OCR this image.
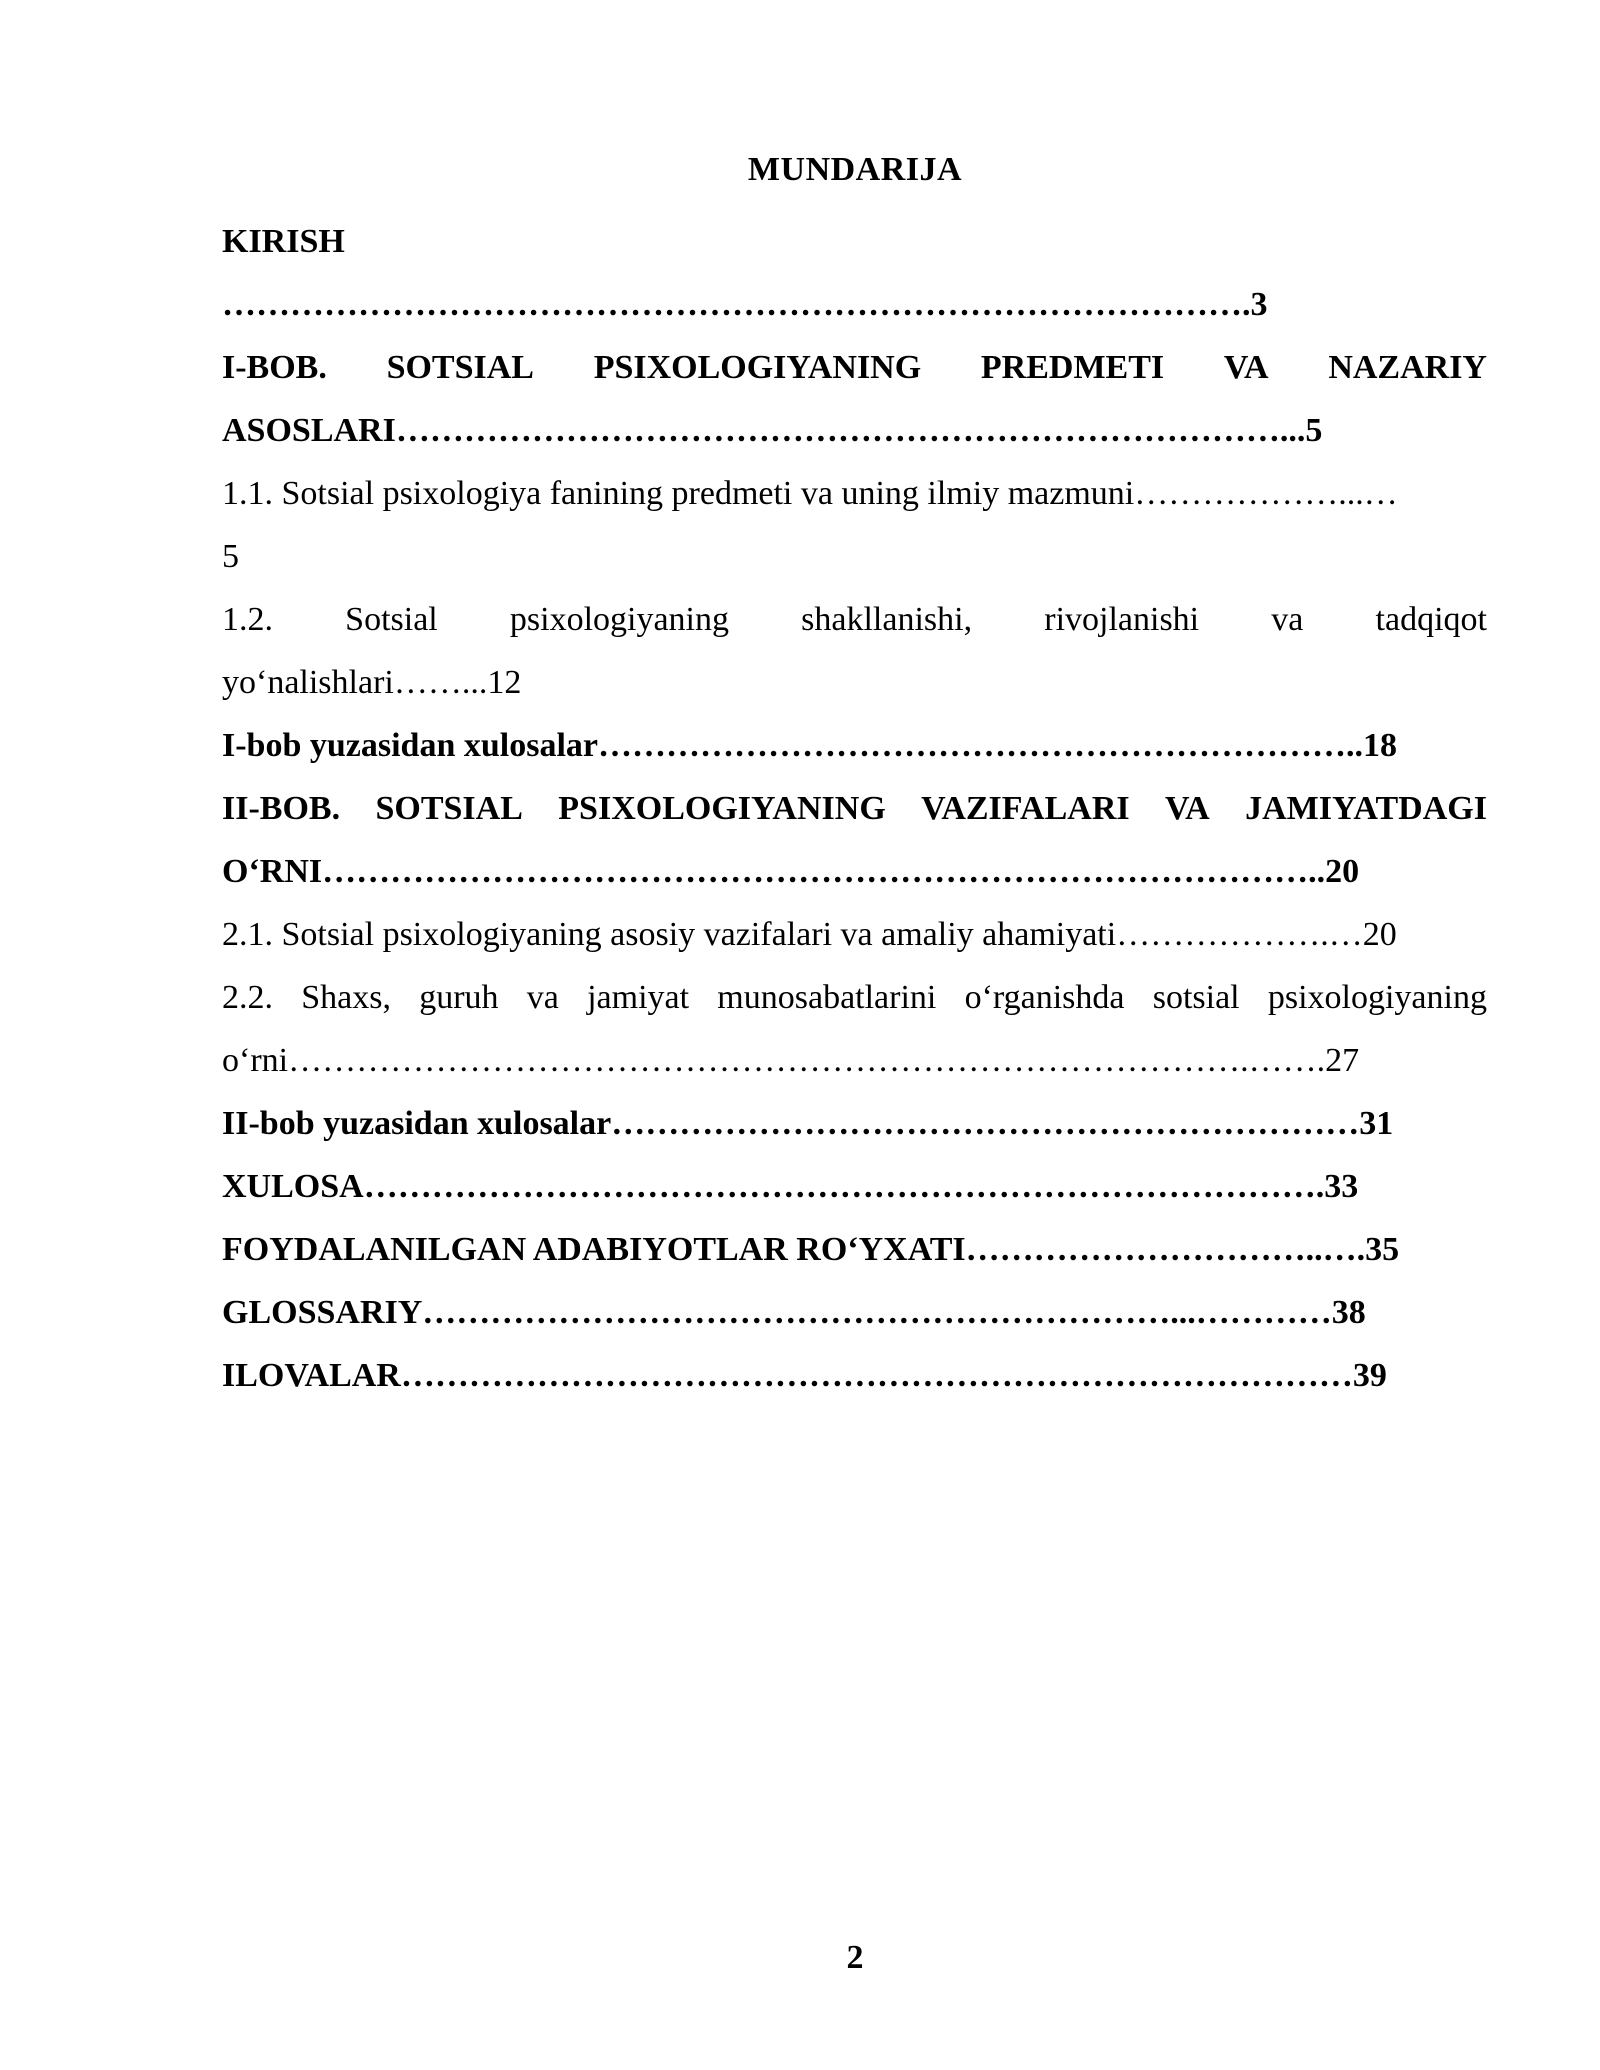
MUNDARIJA
KIRISH
……………………………………………………………………………….3
I-BOB. SOTSIAL PSIXOLOGIYANING PREDMETI VA NAZARIY
ASOSLARI……………………………………………………………………...5
1.1. Sotsial psixologiya fanining predmeti va uning ilmiy mazmuni………………...…
5
1.2. Sotsial psixologiyaning shakllanishi, rivojlanishi va tadqiqot
yo‘nalishlari……...12
I-bob yuzasidan xulosalar…………………………………………………………..18
II-BOB. SOTSIAL PSIXOLOGIYANING VAZIFALARI VA JAMIYATDAGI
O‘RNI……………………………………………………………………………..20
2.1. Sotsial psixologiyaning asosiy vazifalari va amaliy ahamiyati……………….…20
2.2. Shaxs, guruh va jamiyat munosabatlarini o‘rganishda sotsial psixologiyaning
o‘rni………………………………………………………………………….…….27
II-bob yuzasidan xulosalar…………………………………………………………31
XULOSA………………………………………………………………………….33
FOYDALANILGAN ADABIYOTLAR RO‘YXATI…………………………..….35
GLOSSARIY…………………………………………………………...…………38
ILOVALAR…………………………………………………………………………39
2
